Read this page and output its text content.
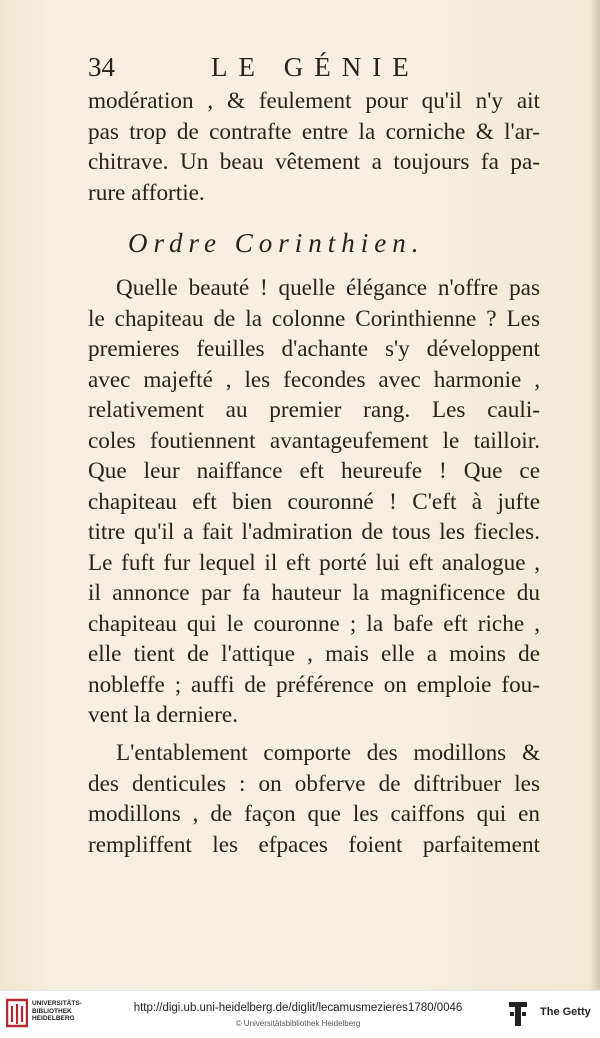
34	LE GÉNIE

modération , & feulement pour qu'il n'y ait
pas trop de contrafte entre la corniche & l'ar-
chitrave. Un beau vêtement a toujours fa pa-
rure affortie.

Ordre Corinthien.

Quelle beauté ! quelle élégance n'offre pas
le chapiteau de la colonne Corinthienne ? Les
premieres feuilles d'achante s'y développent
avec majefté , les fecondes avec harmonie ,
relativement au premier rang. Les cauli-
coles foutiennent avantageufement le tailloir.
Que leur naiffance eft heureufe ! Que ce
chapiteau eft bien couronné ! C'eft à jufte
titre qu'il a fait l'admiration de tous les fiecles.
Le fuft fur lequel il eft porté lui eft analogue ,
il annonce par fa hauteur la magnificence du
chapiteau qui le couronne ; la bafe eft riche ,
elle tient de l'attique , mais elle a moins de
nobleffe ; auffi de préférence on emploie fou-
vent la derniere.

L'entablement comporte des modillons &
des denticules : on obferve de diftribuer les
modillons , de façon que les caiffons qui en
rempliffent les efpaces foient parfaitement

UNIVERSITÄTS-
BIBLIOTHEK
HEIDELBERG
http://digi.ub.uni-heidelberg.de/diglit/lecamusmezieres1780/0046
© Universitätsbibliothek Heidelberg
The Getty
